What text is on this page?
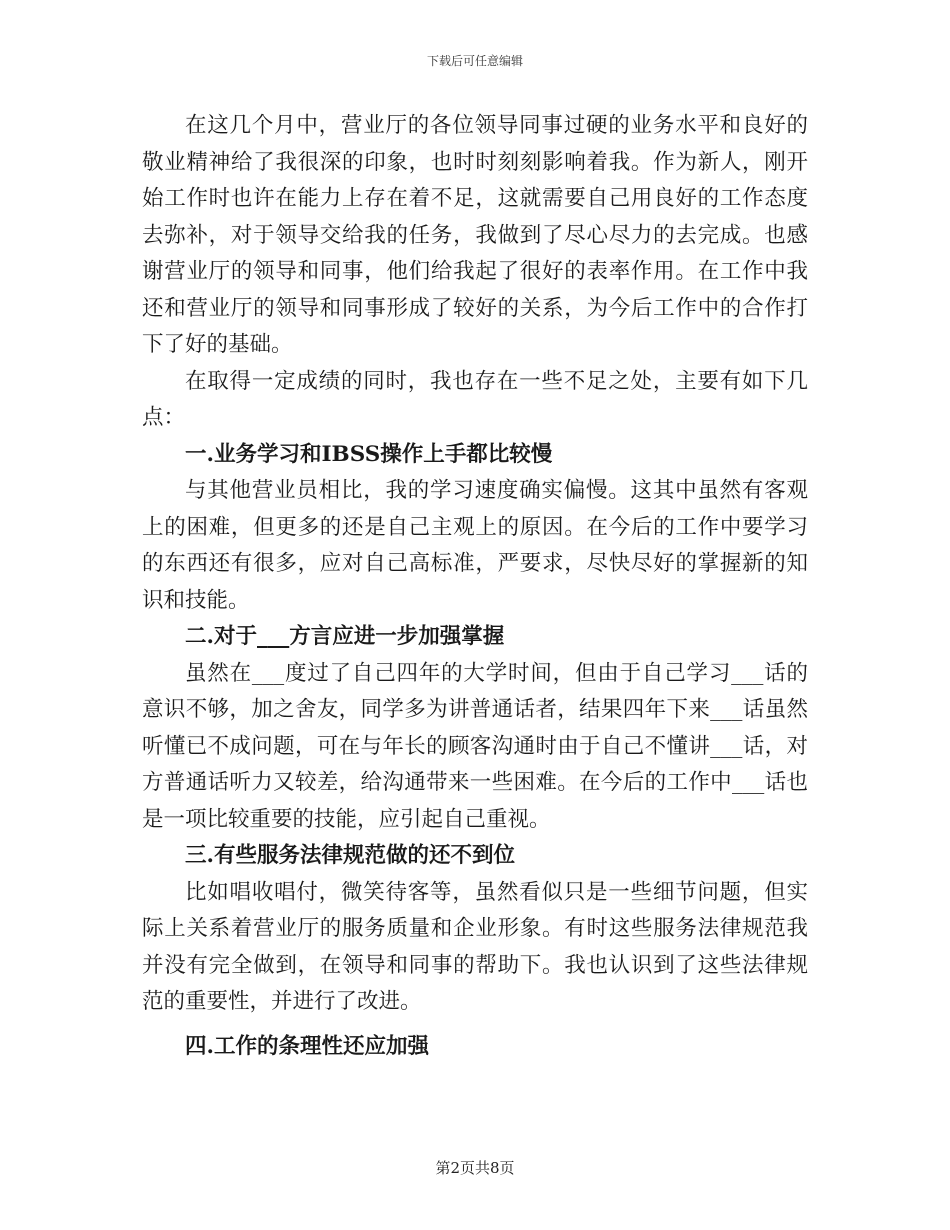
下载后可任意编辑

在这几个月中，营业厅的各位领导同事过硬的业务水平和良好的敬业精神给了我很深的印象，也时时刻刻影响着我。作为新人，刚开始工作时也许在能力上存在着不足，这就需要自己用良好的工作态度去弥补，对于领导交给我的任务，我做到了尽心尽力的去完成。也感谢营业厅的领导和同事，他们给我起了很好的表率作用。在工作中我还和营业厅的领导和同事形成了较好的关系，为今后工作中的合作打下了好的基础。

在取得一定成绩的同时，我也存在一些不足之处，主要有如下几点：

一.业务学习和IBSS操作上手都比较慢

与其他营业员相比，我的学习速度确实偏慢。这其中虽然有客观上的困难，但更多的还是自己主观上的原因。在今后的工作中要学习的东西还有很多，应对自己高标准，严要求，尽快尽好的掌握新的知识和技能。

二.对于___方言应进一步加强掌握

虽然在___度过了自己四年的大学时间，但由于自己学习___话的意识不够，加之舍友，同学多为讲普通话者，结果四年下来___话虽然听懂已不成问题，可在与年长的顾客沟通时由于自己不懂讲___话，对方普通话听力又较差，给沟通带来一些困难。在今后的工作中___话也是一项比较重要的技能，应引起自己重视。

三.有些服务法律规范做的还不到位

比如唱收唱付，微笑待客等，虽然看似只是一些细节问题，但实际上关系着营业厅的服务质量和企业形象。有时这些服务法律规范我并没有完全做到，在领导和同事的帮助下。我也认识到了这些法律规范的重要性，并进行了改进。

四.工作的条理性还应加强

第2页共8页
